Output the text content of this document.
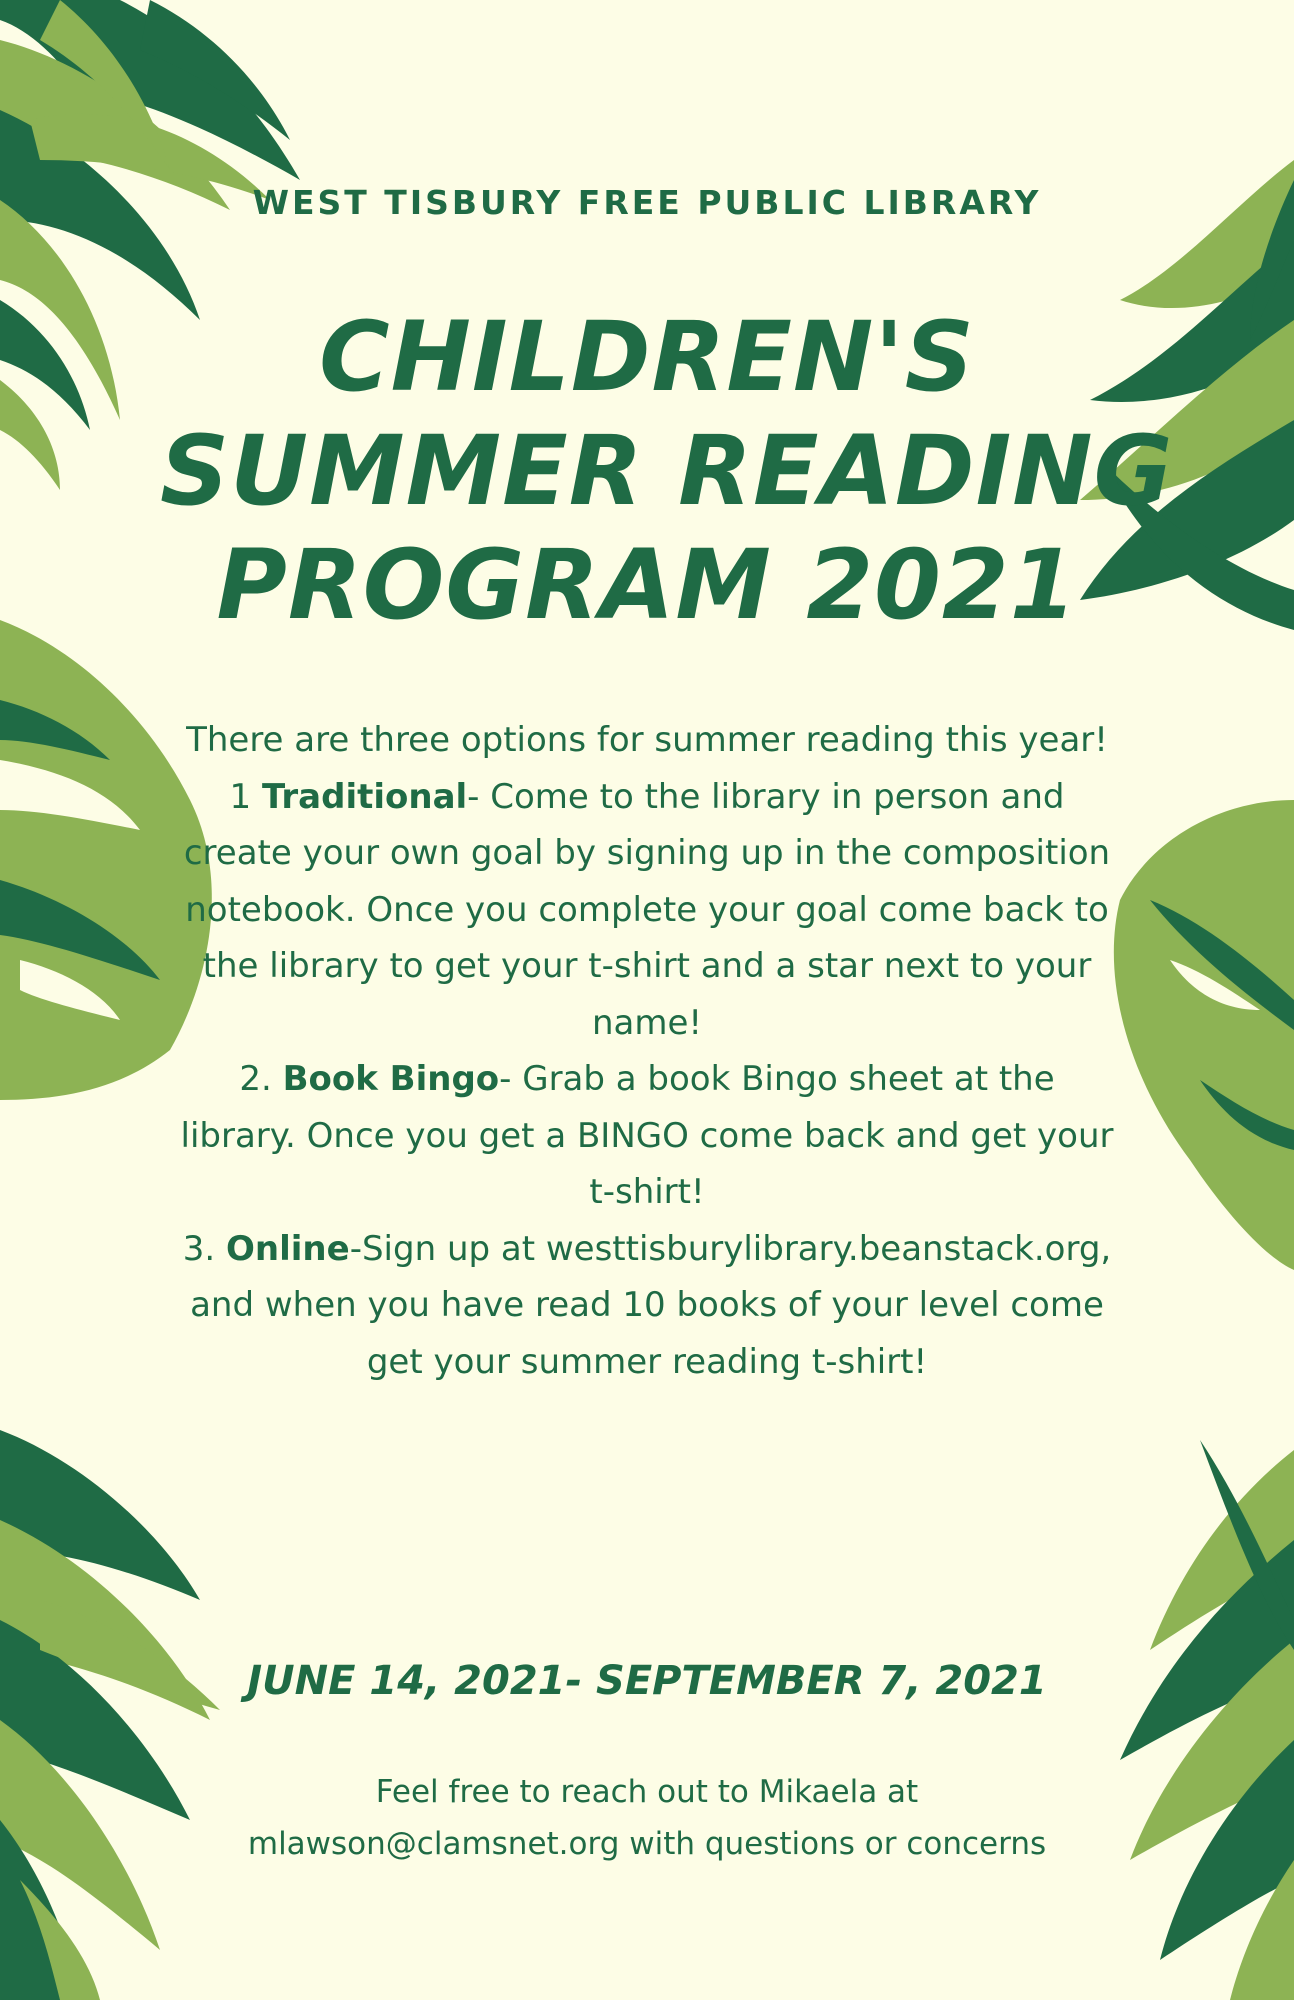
WEST TISBURY FREE PUBLIC LIBRARY
CHILDREN'S
SUMMER READING
PROGRAM 2021
There are three options for summer reading this year!
1 Traditional- Come to the library in person and create your own goal by signing up in the composition notebook. Once you complete your goal come back to the library to get your t-shirt and a star next to your name!
2. Book Bingo- Grab a book Bingo sheet at the library. Once you get a BINGO come back and get your t-shirt!
3. Online-Sign up at westtisburylibrary.beanstack.org, and when you have read 10 books of your level come get your summer reading t-shirt!
JUNE 14, 2021- SEPTEMBER 7, 2021
Feel free to reach out to Mikaela at
mlawson@clamsnet.org with questions or concerns
